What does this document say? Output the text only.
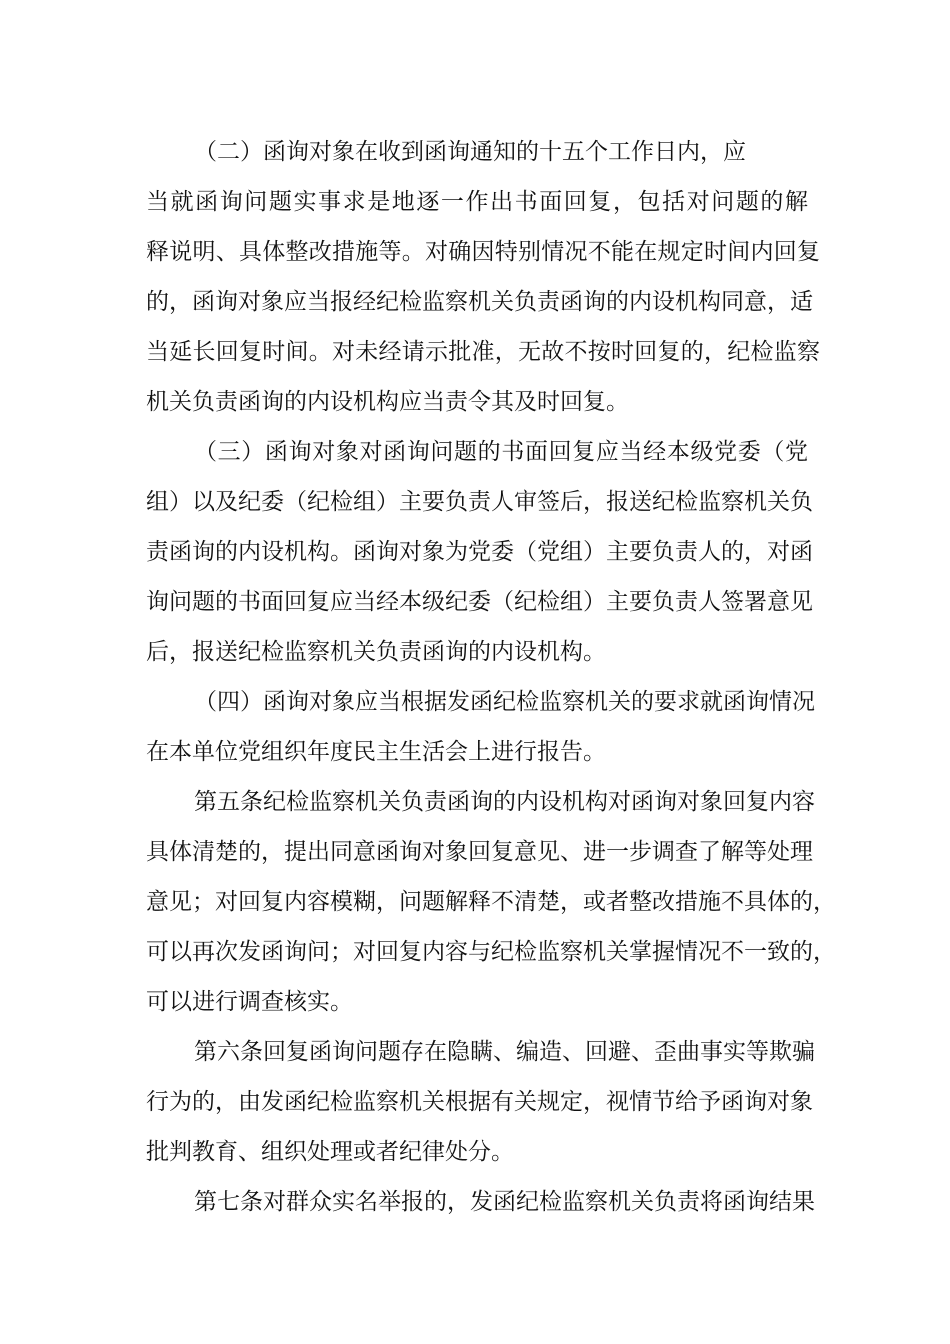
（二）函询对象在收到函询通知的十五个工作日内，应
当就函询问题实事求是地逐一作出书面回复，包括对问题的解
释说明、具体整改措施等。对确因特别情况不能在规定时间内回复
的，函询对象应当报经纪检监察机关负责函询的内设机构同意，适
当延长回复时间。对未经请示批准，无故不按时回复的，纪检监察
机关负责函询的内设机构应当责令其及时回复。
（三）函询对象对函询问题的书面回复应当经本级党委（党
组）以及纪委（纪检组）主要负责人审签后，报送纪检监察机关负
责函询的内设机构。函询对象为党委（党组）主要负责人的，对函
询问题的书面回复应当经本级纪委（纪检组）主要负责人签署意见
后，报送纪检监察机关负责函询的内设机构。
（四）函询对象应当根据发函纪检监察机关的要求就函询情况
在本单位党组织年度民主生活会上进行报告。
第五条纪检监察机关负责函询的内设机构对函询对象回复内容
具体清楚的，提出同意函询对象回复意见、进一步调查了解等处理
意见；对回复内容模糊，问题解释不清楚，或者整改措施不具体的，
可以再次发函询问；对回复内容与纪检监察机关掌握情况不一致的，
可以进行调查核实。
第六条回复函询问题存在隐瞒、编造、回避、歪曲事实等欺骗
行为的，由发函纪检监察机关根据有关规定，视情节给予函询对象
批判教育、组织处理或者纪律处分。
第七条对群众实名举报的，发函纪检监察机关负责将函询结果
